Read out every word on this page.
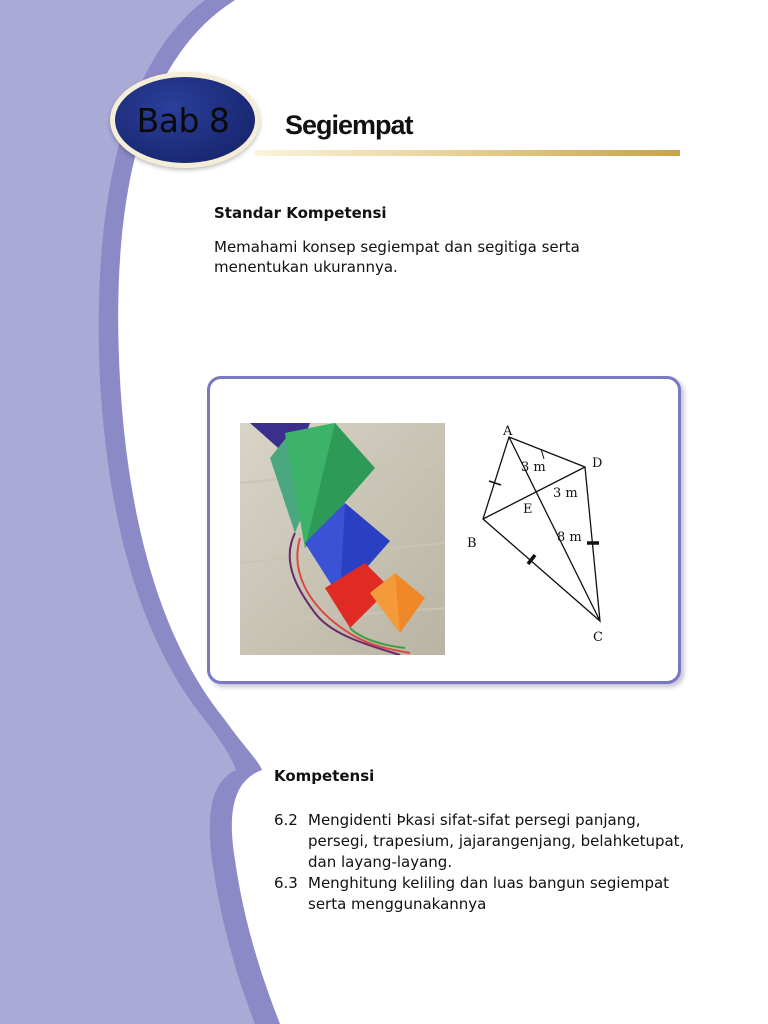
Bab 8 Segiempat
Standar Kompetensi
Memahami konsep segiempat dan segitiga serta menentukan ukurannya.
A
D
B
E
C
3 m
3 m
8 m
Kompetensi
6.2 Mengidenti Þkasi sifat-sifat persegi panjang, persegi, trapesium, jajarangenjang, belahketupat, dan layang-layang.
6.3 Menghitung keliling dan luas bangun segiempat serta menggunakannya
